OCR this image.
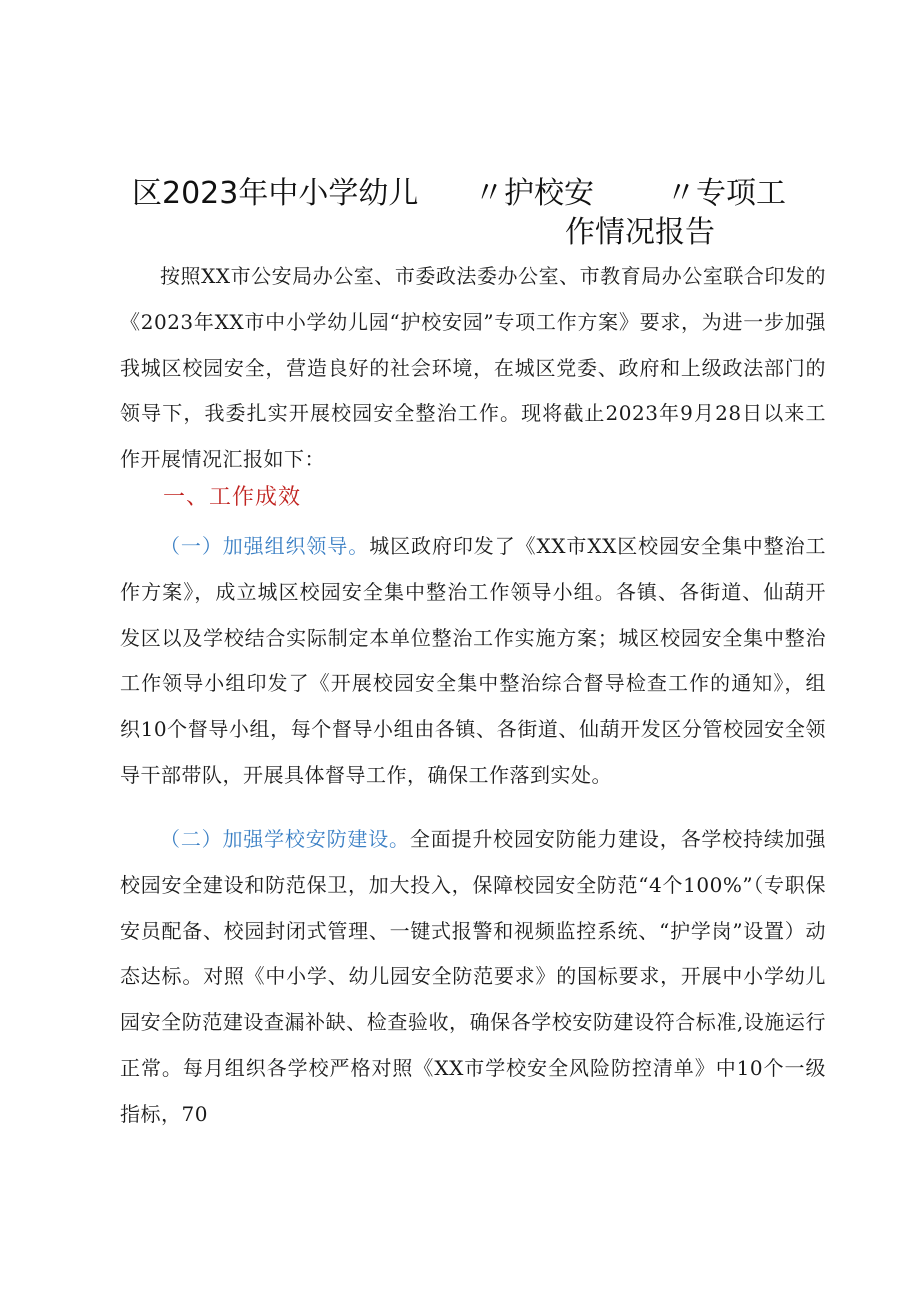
区2023年中小学幼儿 〃护校安 〃专项工
作情况报告

按照XX市公安局办公室、市委政法委办公室、市教育局办公室联合印发的《2023年XX市中小学幼儿园“护校安园”专项工作方案》要求，为进一步加强我城区校园安全，营造良好的社会环境，在城区党委、政府和上级政法部门的领导下，我委扎实开展校园安全整治工作。现将截止2023年9月28日以来工作开展情况汇报如下：

一、工作成效

（一）加强组织领导。城区政府印发了《XX市XX区校园安全集中整治工作方案》，成立城区校园安全集中整治工作领导小组。各镇、各街道、仙葫开发区以及学校结合实际制定本单位整治工作实施方案；城区校园安全集中整治工作领导小组印发了《开展校园安全集中整治综合督导检查工作的通知》，组织10个督导小组，每个督导小组由各镇、各街道、仙葫开发区分管校园安全领导干部带队，开展具体督导工作，确保工作落到实处。

（二）加强学校安防建设。全面提升校园安防能力建设，各学校持续加强校园安全建设和防范保卫，加大投入，保障校园安全防范“4个100%”（专职保安员配备、校园封闭式管理、一键式报警和视频监控系统、“护学岗”设置）动态达标。对照《中小学、幼儿园安全防范要求》的国标要求，开展中小学幼儿园安全防范建设查漏补缺、检查验收，确保各学校安防建设符合标准,设施运行正常。每月组织各学校严格对照《XX市学校安全风险防控清单》中10个一级指标，70
